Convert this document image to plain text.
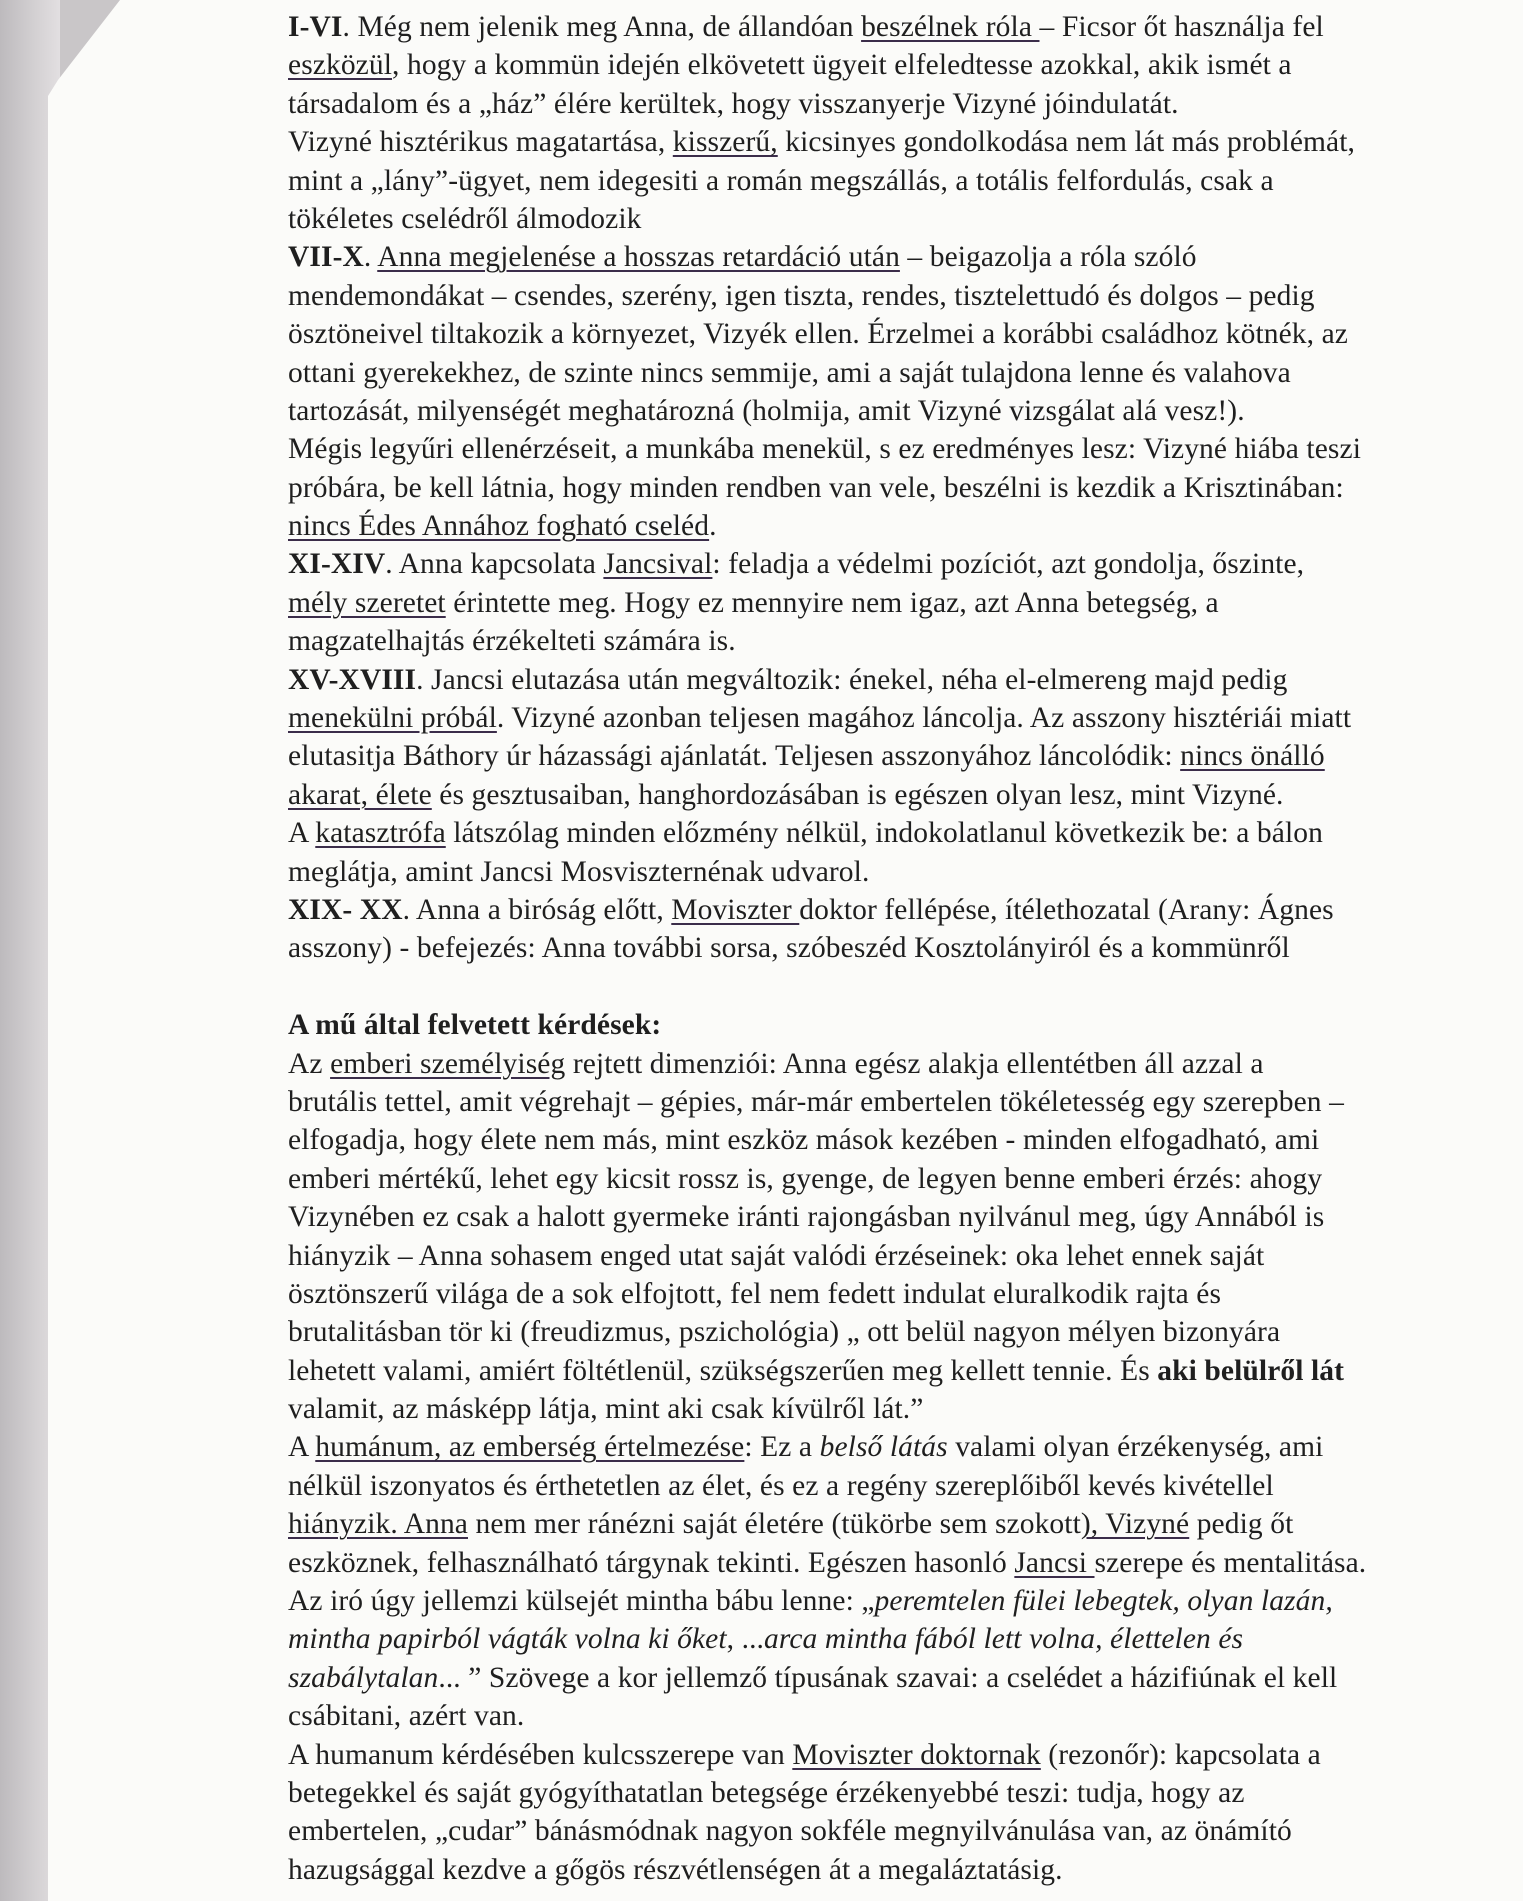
I-VI. Még nem jelenik meg Anna, de állandóan beszélnek róla – Ficsor őt használja fel
eszközül, hogy a kommün idején elkövetett ügyeit elfeledtesse azokkal, akik ismét a
társadalom és a „ház” élére kerültek, hogy visszanyerje Vizyné jóindulatát.
Vizyné hisztérikus magatartása, kisszerű, kicsinyes gondolkodása nem lát más problémát,
mint a „lány”-ügyet, nem idegesiti a román megszállás, a totális felfordulás, csak a
tökéletes cselédről álmodozik
VII-X. Anna megjelenése a hosszas retardáció után – beigazolja a róla szóló
mendemondákat – csendes, szerény, igen tiszta, rendes, tisztelettudó és dolgos – pedig
ösztöneivel tiltakozik a környezet, Vizyék ellen. Érzelmei a korábbi családhoz kötnék, az
ottani gyerekekhez, de szinte nincs semmije, ami a saját tulajdona lenne és valahova
tartozását, milyenségét meghatározná (holmija, amit Vizyné vizsgálat alá vesz!).
Mégis legyűri ellenérzéseit, a munkába menekül, s ez eredményes lesz: Vizyné hiába teszi
próbára, be kell látnia, hogy minden rendben van vele, beszélni is kezdik a Krisztinában:
nincs Édes Annához fogható cseléd.
XI-XIV. Anna kapcsolata Jancsival: feladja a védelmi pozíciót, azt gondolja, őszinte,
mély szeretet érintette meg. Hogy ez mennyire nem igaz, azt Anna betegség, a
magzatelhajtás érzékelteti számára is.
XV-XVIII. Jancsi elutazása után megváltozik: énekel, néha el-elmereng majd pedig
menekülni próbál. Vizyné azonban teljesen magához láncolja. Az asszony hisztériái miatt
elutasitja Báthory úr házassági ajánlatát. Teljesen asszonyához láncolódik: nincs önálló
akarat, élete és gesztusaiban, hanghordozásában is egészen olyan lesz, mint Vizyné.
A katasztrófa látszólag minden előzmény nélkül, indokolatlanul következik be: a bálon
meglátja, amint Jancsi Mosviszternénak udvarol.
XIX- XX. Anna a biróság előtt, Moviszter doktor fellépése, ítélethozatal (Arany: Ágnes
asszony) - befejezés: Anna további sorsa, szóbeszéd Kosztolányiról és a kommünről
A mű által felvetett kérdések:
Az emberi személyiség rejtett dimenziói: Anna egész alakja ellentétben áll azzal a
brutális tettel, amit végrehajt – gépies, már-már embertelen tökéletesség egy szerepben –
elfogadja, hogy élete nem más, mint eszköz mások kezében - minden elfogadható, ami
emberi mértékű, lehet egy kicsit rossz is, gyenge, de legyen benne emberi érzés: ahogy
Vizynében ez csak a halott gyermeke iránti rajongásban nyilvánul meg, úgy Annából is
hiányzik – Anna sohasem enged utat saját valódi érzéseinek: oka lehet ennek saját
ösztönszerű világa de a sok elfojtott, fel nem fedett indulat eluralkodik rajta és
brutalitásban tör ki (freudizmus, pszichológia) „ ott belül nagyon mélyen bizonyára
lehetett valami, amiért föltétlenül, szükségszerűen meg kellett tennie. És aki belülről lát
valamit, az másképp látja, mint aki csak kívülről lát.”
A humánum, az emberség értelmezése: Ez a belső látás valami olyan érzékenység, ami
nélkül iszonyatos és érthetetlen az élet, és ez a regény szereplőiből kevés kivétellel
hiányzik. Anna nem mer ránézni saját életére (tükörbe sem szokott), Vizyné pedig őt
eszköznek, felhasználható tárgynak tekinti. Egészen hasonló Jancsi szerepe és mentalitása.
Az iró úgy jellemzi külsejét mintha bábu lenne: „peremtelen fülei lebegtek, olyan lazán,
mintha papirból vágták volna ki őket, ...arca mintha fából lett volna, élettelen és
szabálytalan... ” Szövege a kor jellemző típusának szavai: a cselédet a házifiúnak el kell
csábitani, azért van.
A humanum kérdésében kulcsszerepe van Moviszter doktornak (rezonőr): kapcsolata a
betegekkel és saját gyógyíthatatlan betegsége érzékenyebbé teszi: tudja, hogy az
embertelen, „cudar” bánásmódnak nagyon sokféle megnyilvánulása van, az önámító
hazugsággal kezdve a gőgös részvétlenségen át a megaláztatásig.
